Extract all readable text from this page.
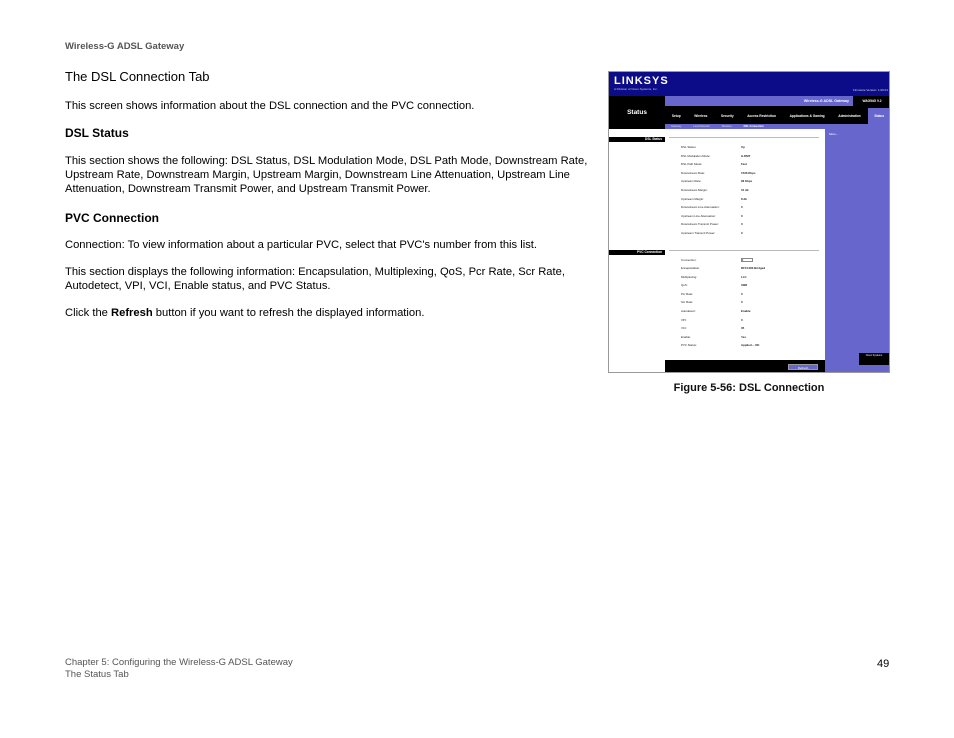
Wireless-G ADSL Gateway
The DSL Connection Tab
This screen shows information about the DSL connection and the PVC connection.
DSL Status
This section shows the following: DSL Status, DSL Modulation Mode, DSL Path Mode, Downstream Rate, Upstream Rate, Downstream Margin, Upstream Margin, Downstream Line Attenuation, Upstream Line Attenuation, Downstream Transmit Power, and Upstream Transmit Power.
PVC Connection
Connection: To view information about a particular PVC, select that PVC's number from this list.
This section displays the following information: Encapsulation, Multiplexing, QoS, Pcr Rate, Scr Rate, Autodetect, VPI, VCI, Enable status, and PVC Status.
Click the Refresh button if you want to refresh the displayed information.
LINKSYS
A Division of Cisco Systems, Inc.	Firmware Version: 1.00.01
Status
Wireless-G ADSL Gateway	WAG54G V.2
Setup	Wireless	Security	Access Restriction	Applications & Gaming	Administration	Status
Gateway	Local Network	Wireless	DSL Connection
DSL Status
PVC Connection
DSL Status:	Up
DSL Modulation Mode:	G.DMT
DSL Path Mode:	Fast
Downstream Rate:	1536 Kbps
Upstream Rate:	96 Kbps
Downstream Margin:	31 db
Upstream Margin:	8 db
Downstream Line Attenuation:	0
Upstream Line Attenuation:	0
Downstream Transmit Power:	0
Upstream Transmit Power:	0
Connection:	1
Encapsulation:	RFC1483 Bridged
Multiplexing:	LLC
QoS:	UBR
Pcr Rate:	0
Scr Rate:	0
Autodetect:	Enable
VPI:	0
VCI:	35
Enable:	Yes
PVC Status:	Applied -- OK
More...
Cisco Systems
Refresh
Figure 5-56: DSL Connection
Chapter 5: Configuring the Wireless-G ADSL Gateway
The Status Tab
49
